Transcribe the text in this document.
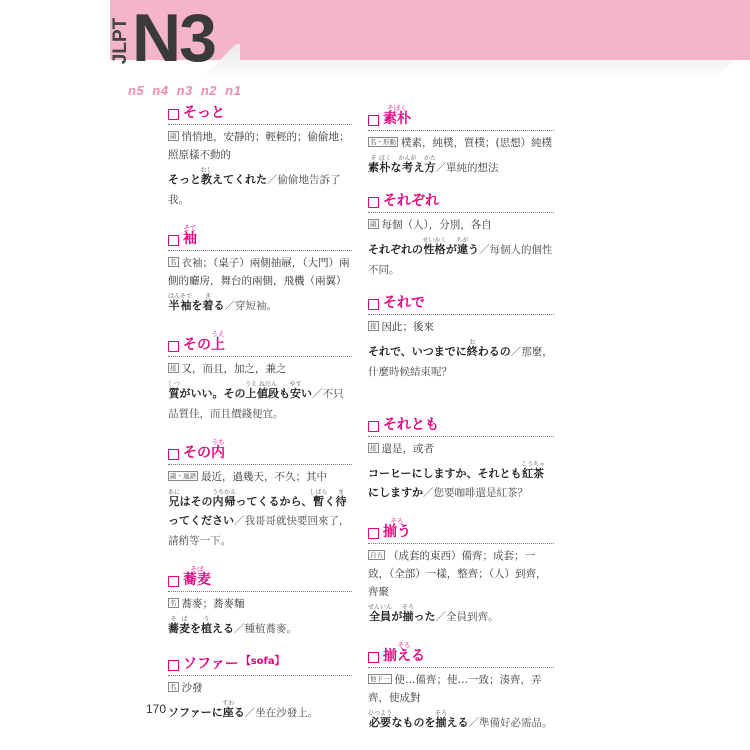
JLPT N3
n5 n4 n3 n2 n1
そっと
副 悄悄地，安靜的；輕輕的；偷偷地；照原樣不動的
そっと教おしえてくれた／偷偷地告訴了我。
袖そで
名 衣袖；（桌子）兩側抽屜，（大門）兩側的廳房，舞台的兩側，飛機（兩翼）
半はん袖そでを着きる／穿短袖。
その 上うえ
接 又，而且，加之，兼之
質しつがいい。その上うえ値段ねだんも安やすい／不只品質佳，而且價錢便宜。
その 内うち
副・連語 最近，過幾天，不久；其中
兄あにはその内うち帰かえってくるから、暫しばらく待まってください／我哥哥就快要回來了，請稍等一下。
蕎麦そば
名 蕎麥；蕎麥麵
蕎そ麦ばを植うえる／種植蕎麥。
ソファー 【sofa】
名 沙發
ソファーに座すわる／坐在沙發上。
素朴そぼく
名・形動 樸素，純樸，質樸；(思想）純樸
素そ朴ぼくな考かんがえ方かた／單純的想法
それぞれ
副 每個（人），分別，各自
それぞれの性格せいかくが違ちがう／每個人的個性不同。
それで
接 因此；後來
それで、いつまでに終おわるの／那麼，什麼時候結束呢？
それとも
接 還是，或者
コーヒーにしますか、それとも紅茶こうちゃにしますか／您要咖啡還是紅茶？
揃うそろ
自五 （成套的東西）備齊；成套；一致，（全部）一樣，整齊；（人）到齊，齊聚
全員ぜんいんが揃そろった／全員到齊。
揃えるそろ
他下一 使…備齊；使…一致；湊齊，弄齊，使成對
必要ひつようなものを揃そろえる／準備好必需品。
170
